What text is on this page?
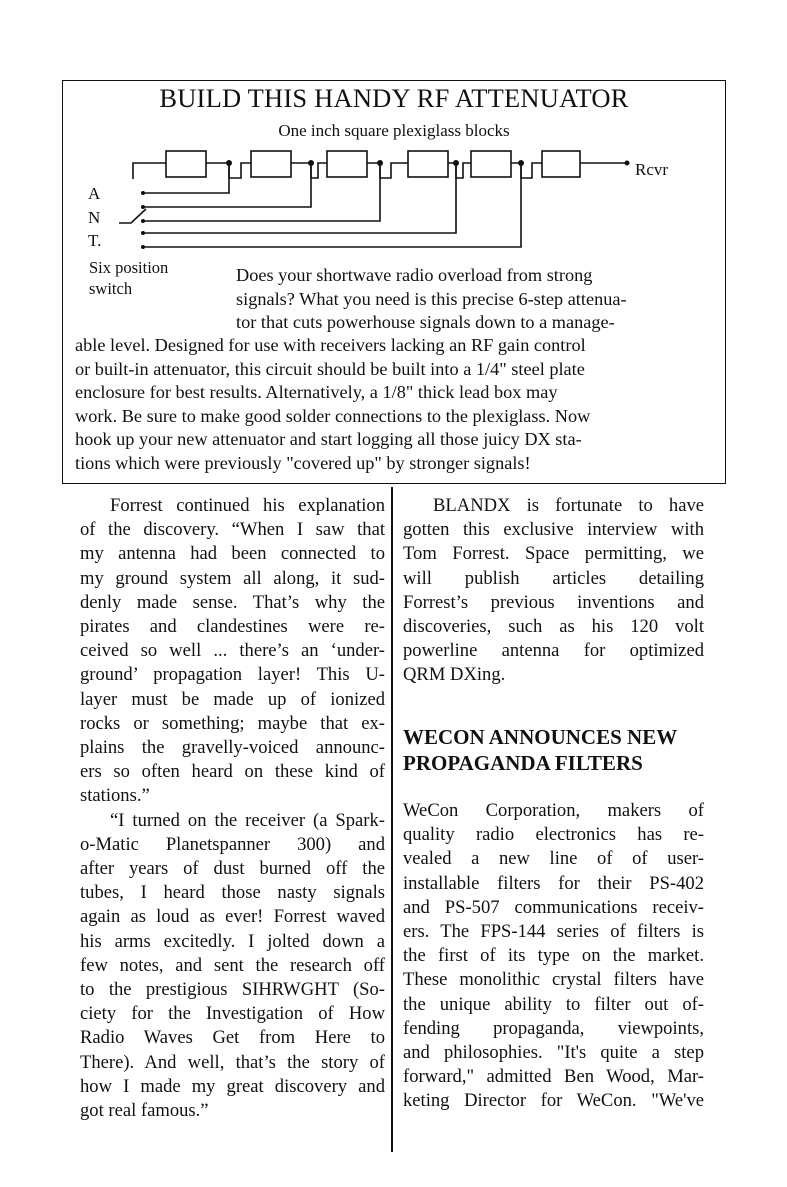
BUILD THIS HANDY RF ATTENUATOR
One inch square plexiglass blocks
A
N
T.
Rcvr
Six position
switch
Does your shortwave radio overload from strong
signals? What you need is this precise 6-step attenua-
tor that cuts powerhouse signals down to a manage-
able level. Designed for use with receivers lacking an RF gain control
or built-in attenuator, this circuit should be built into a 1/4" steel plate
enclosure for best results. Alternatively, a 1/8" thick lead box may
work. Be sure to make good solder connections to the plexiglass. Now
hook up your new attenuator and start logging all those juicy DX sta-
tions which were previously "covered up" by stronger signals!
Forrest continued his explanation
of the discovery. “When I saw that
my antenna had been connected to
my ground system all along, it sud-
denly made sense. That’s why the
pirates and clandestines were re-
ceived so well ... there’s an ‘under-
ground’ propagation layer! This U-
layer must be made up of ionized
rocks or something; maybe that ex-
plains the gravelly-voiced announc-
ers so often heard on these kind of
stations.”
“I turned on the receiver (a Spark-
o-Matic Planetspanner 300) and
after years of dust burned off the
tubes, I heard those nasty signals
again as loud as ever! Forrest waved
his arms excitedly. I jolted down a
few notes, and sent the research off
to the prestigious SIHRWGHT (So-
ciety for the Investigation of How
Radio Waves Get from Here to
There). And well, that’s the story of
how I made my great discovery and
got real famous.”
BLANDX is fortunate to have
gotten this exclusive interview with
Tom Forrest. Space permitting, we
will publish articles detailing
Forrest’s previous inventions and
discoveries, such as his 120 volt
powerline antenna for optimized
QRM DXing.
WECON ANNOUNCES NEW
PROPAGANDA FILTERS
WeCon Corporation, makers of
quality radio electronics has re-
vealed a new line of of user-
installable filters for their PS-402
and PS-507 communications receiv-
ers. The FPS-144 series of filters is
the first of its type on the market.
These monolithic crystal filters have
the unique ability to filter out of-
fending propaganda, viewpoints,
and philosophies. "It's quite a step
forward," admitted Ben Wood, Mar-
keting Director for WeCon. "We've
